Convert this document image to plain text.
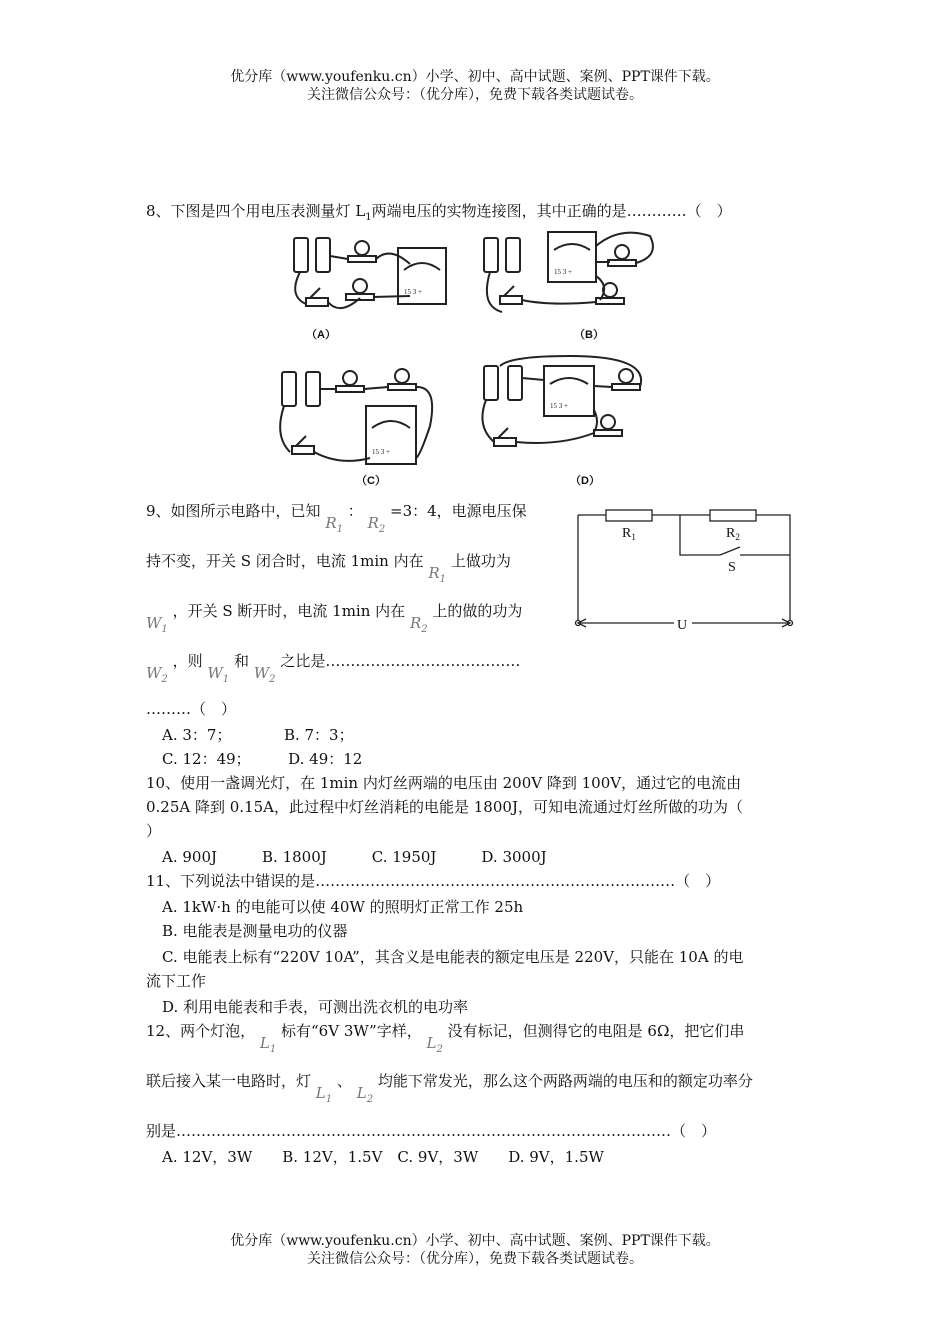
优分库（www.youfenku.cn）小学、初中、高中试题、案例、PPT课件下载。
关注微信公众号：（优分库），免费下载各类试题试卷。
8、下图是四个用电压表测量灯 $L_1$两端电压的实物连接图，其中正确的是…………（　）
15 3 +
15 3 +
15 3 +
15 3 +
（A）	（B）
（C）	（D）
9、如图所示电路中，已知 $R_1$ ： $R_2 =3$：4，电源电压保
持不变，开关 S 闭合时，电流 1min 内在 $R_1$ 上做功为
$W_1$ ，开关 S 断开时，电流 1min 内在 $R_2$ 上的做的功为
$W_2$ ，则 $W_1$ 和 $W_2$ 之比是…………………………………
………（　）
A. 3：7；　　　　B. 7：3；
C. 12：49；　　　D. 49：12
$R_1$	$R_2$
S
U
10、使用一盏调光灯，在 1min 内灯丝两端的电压由 200V 降到 100V，通过它的电流由
0.25A 降到 0.15A，此过程中灯丝消耗的电能是 1800J，可知电流通过灯丝所做的功为（
）
A. 900J　　　B. 1800J　　　C. 1950J　　　D. 3000J
11、下列说法中错误的是………………………………………………………………（　）
A. 1kW·h 的电能可以使 40W 的照明灯正常工作 25h
B. 电能表是测量电功的仪器
C. 电能表上标有“220V 10A”，其含义是电能表的额定电压是 220V，只能在 10A 的电
流下工作
D. 利用电能表和手表，可测出洗衣机的电功率
12、两个灯泡， $L_1$ 标有“6V 3W”字样， $L_2$ 没有标记，但测得它的电阻是 6Ω，把它们串
联后接入某一电路时，灯 $L_1$ 、 $L_2$ 均能下常发光，那么这个两路两端的电压和的额定功率分
别是………………………………………………………………………………………（　）
A. 12V，3W　　B. 12V，1.5V　C. 9V，3W　　D. 9V，1.5W
优分库（www.youfenku.cn）小学、初中、高中试题、案例、PPT课件下载。
关注微信公众号：（优分库），免费下载各类试题试卷。
